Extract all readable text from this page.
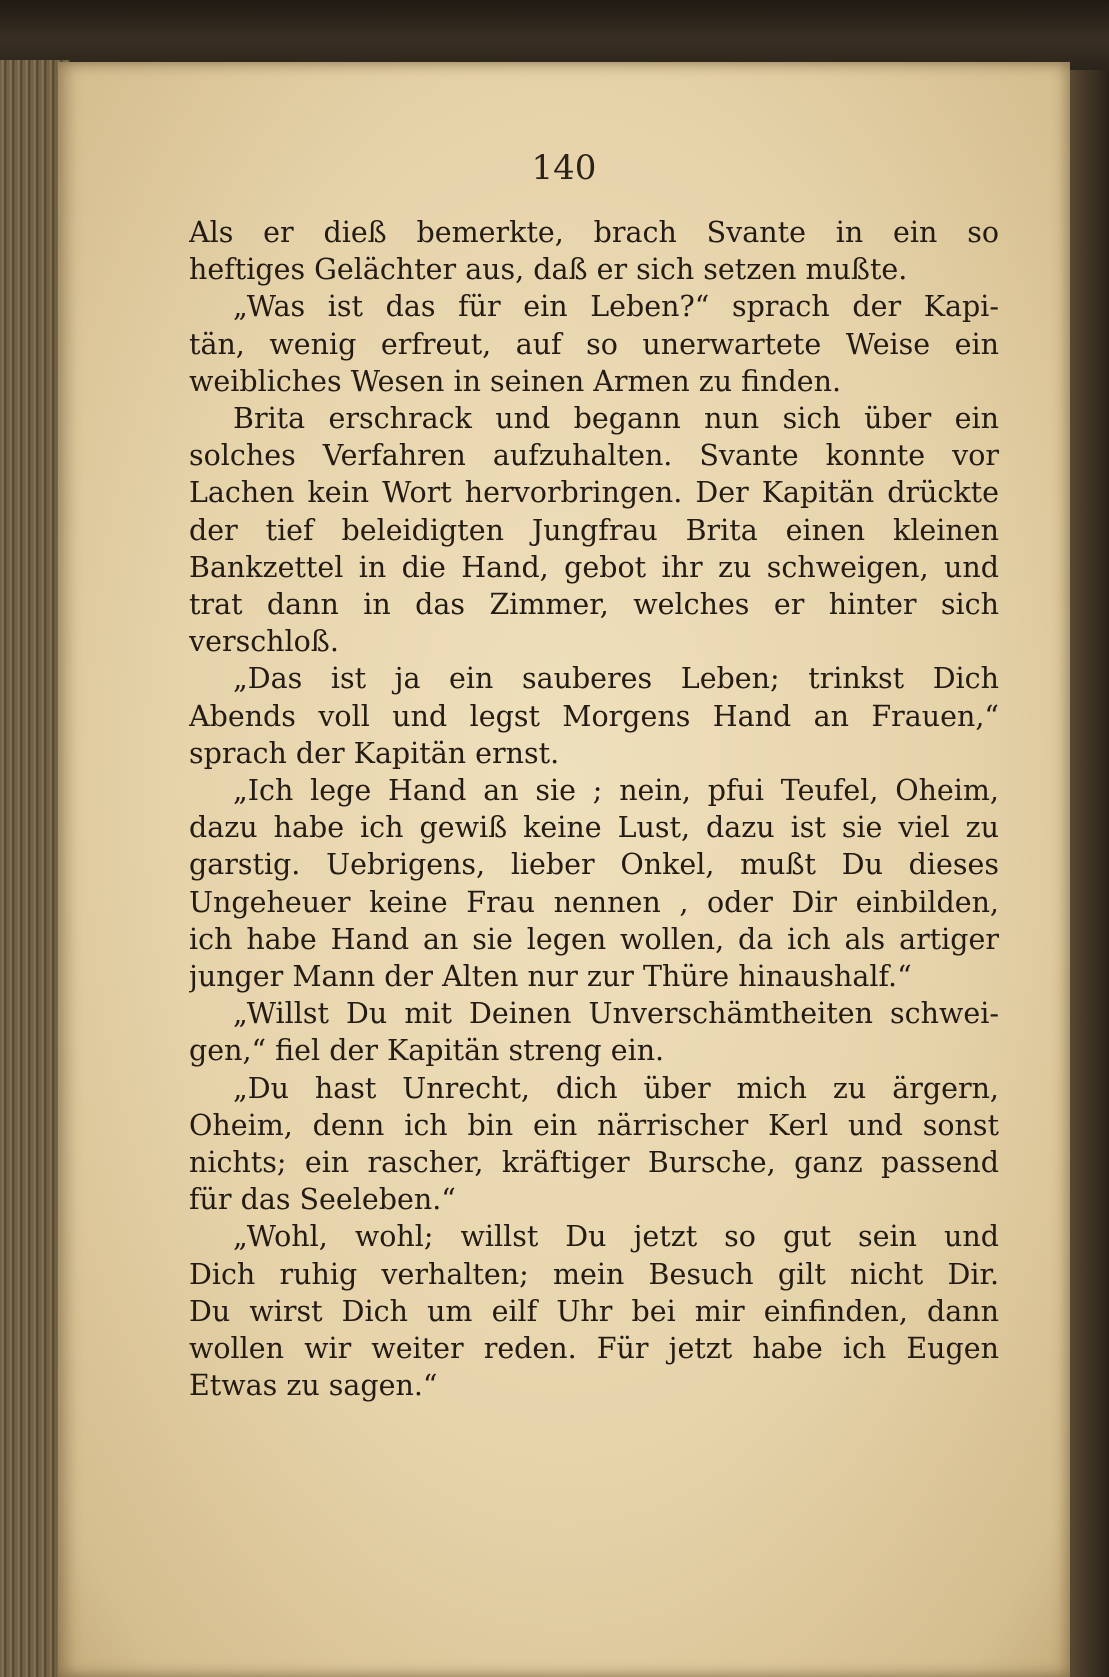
140
Als er dieß bemerkte, brach Svante in ein so
heftiges Gelächter aus, daß er sich setzen mußte.
„Was ist das für ein Leben?“ sprach der Kapi-
tän, wenig erfreut, auf so unerwartete Weise ein
weibliches Wesen in seinen Armen zu finden.
Brita erschrack und begann nun sich über ein
solches Verfahren aufzuhalten. Svante konnte vor
Lachen kein Wort hervorbringen. Der Kapitän drückte
der tief beleidigten Jungfrau Brita einen kleinen
Bankzettel in die Hand, gebot ihr zu schweigen, und
trat dann in das Zimmer, welches er hinter sich
verschloß.
„Das ist ja ein sauberes Leben; trinkst Dich
Abends voll und legst Morgens Hand an Frauen,“
sprach der Kapitän ernst.
„Ich lege Hand an sie ; nein, pfui Teufel, Oheim,
dazu habe ich gewiß keine Lust, dazu ist sie viel zu
garstig. Uebrigens, lieber Onkel, mußt Du dieses
Ungeheuer keine Frau nennen , oder Dir einbilden,
ich habe Hand an sie legen wollen, da ich als artiger
junger Mann der Alten nur zur Thüre hinaushalf.“
„Willst Du mit Deinen Unverschämtheiten schwei-
gen,“ fiel der Kapitän streng ein.
„Du hast Unrecht, dich über mich zu ärgern,
Oheim, denn ich bin ein närrischer Kerl und sonst
nichts; ein rascher, kräftiger Bursche, ganz passend
für das Seeleben.“
„Wohl, wohl; willst Du jetzt so gut sein und
Dich ruhig verhalten; mein Besuch gilt nicht Dir.
Du wirst Dich um eilf Uhr bei mir einfinden, dann
wollen wir weiter reden. Für jetzt habe ich Eugen
Etwas zu sagen.“
